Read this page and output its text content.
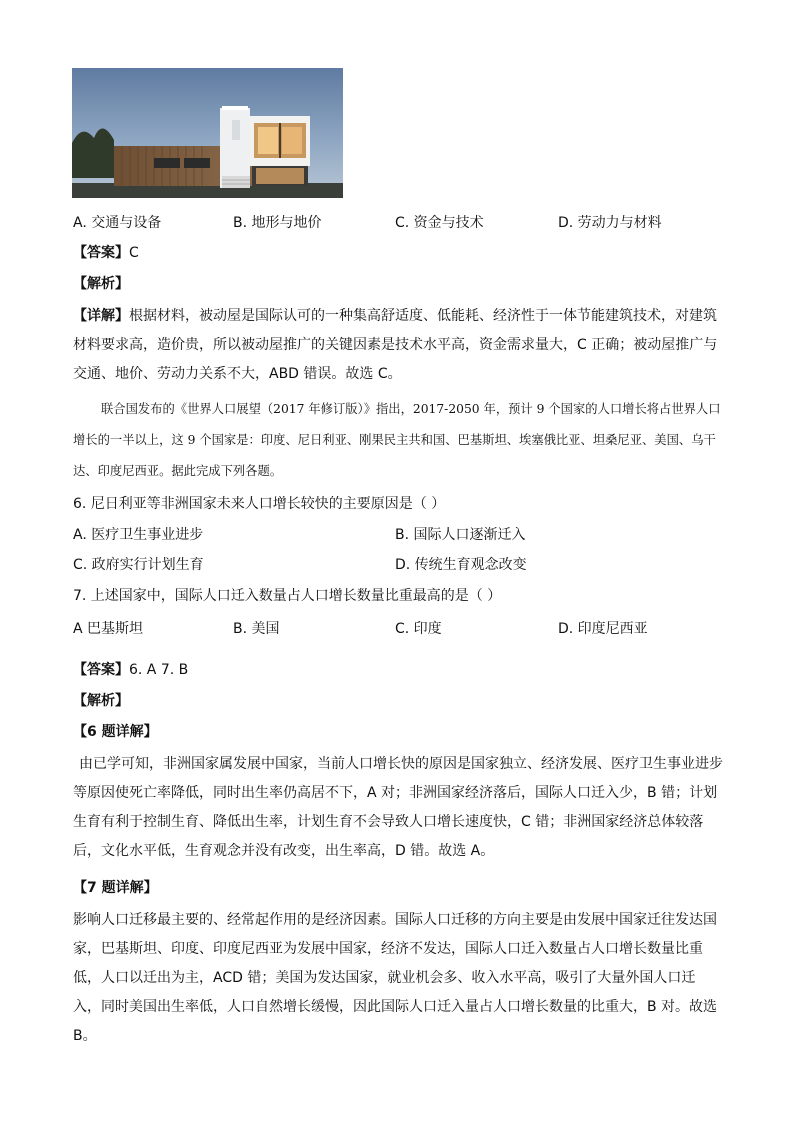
A. 交通与设备	B. 地形与地价	C. 资金与技术	D. 劳动力与材料
【答案】C
【解析】
【详解】根据材料，被动屋是国际认可的一种集高舒适度、低能耗、经济性于一体节能建筑技术，对建筑材料要求高，造价贵，所以被动屋推广的关键因素是技术水平高，资金需求量大，C 正确；被动屋推广与交通、地价、劳动力关系不大，ABD 错误。故选 C。
联合国发布的《世界人口展望（2017 年修订版）》指出，2017-2050 年，预计 9 个国家的人口增长将占世界人口增长的一半以上，这 9 个国家是：印度、尼日利亚、刚果民主共和国、巴基斯坦、埃塞俄比亚、坦桑尼亚、美国、乌干达、印度尼西亚。据此完成下列各题。
6. 尼日利亚等非洲国家未来人口增长较快的主要原因是（ ）
A. 医疗卫生事业进步	B. 国际人口逐渐迁入
C. 政府实行计划生育	D. 传统生育观念改变
7. 上述国家中，国际人口迁入数量占人口增长数量比重最高的是（ ）
A 巴基斯坦	B. 美国	C. 印度	D. 印度尼西亚
【答案】6. A 7. B
【解析】
【6 题详解】
由已学可知，非洲国家属发展中国家，当前人口增长快的原因是国家独立、经济发展、医疗卫生事业进步等原因使死亡率降低，同时出生率仍高居不下，A 对；非洲国家经济落后，国际人口迁入少，B 错；计划生育有利于控制生育、降低出生率，计划生育不会导致人口增长速度快，C 错；非洲国家经济总体较落后，文化水平低，生育观念并没有改变，出生率高，D 错。故选 A。
【7 题详解】
影响人口迁移最主要的、经常起作用的是经济因素。国际人口迁移的方向主要是由发展中国家迁往发达国家，巴基斯坦、印度、印度尼西亚为发展中国家，经济不发达，国际人口迁入数量占人口增长数量比重低，人口以迁出为主，ACD 错；美国为发达国家，就业机会多、收入水平高，吸引了大量外国人口迁入，同时美国出生率低，人口自然增长缓慢，因此国际人口迁入量占人口增长数量的比重大，B 对。故选 B。
